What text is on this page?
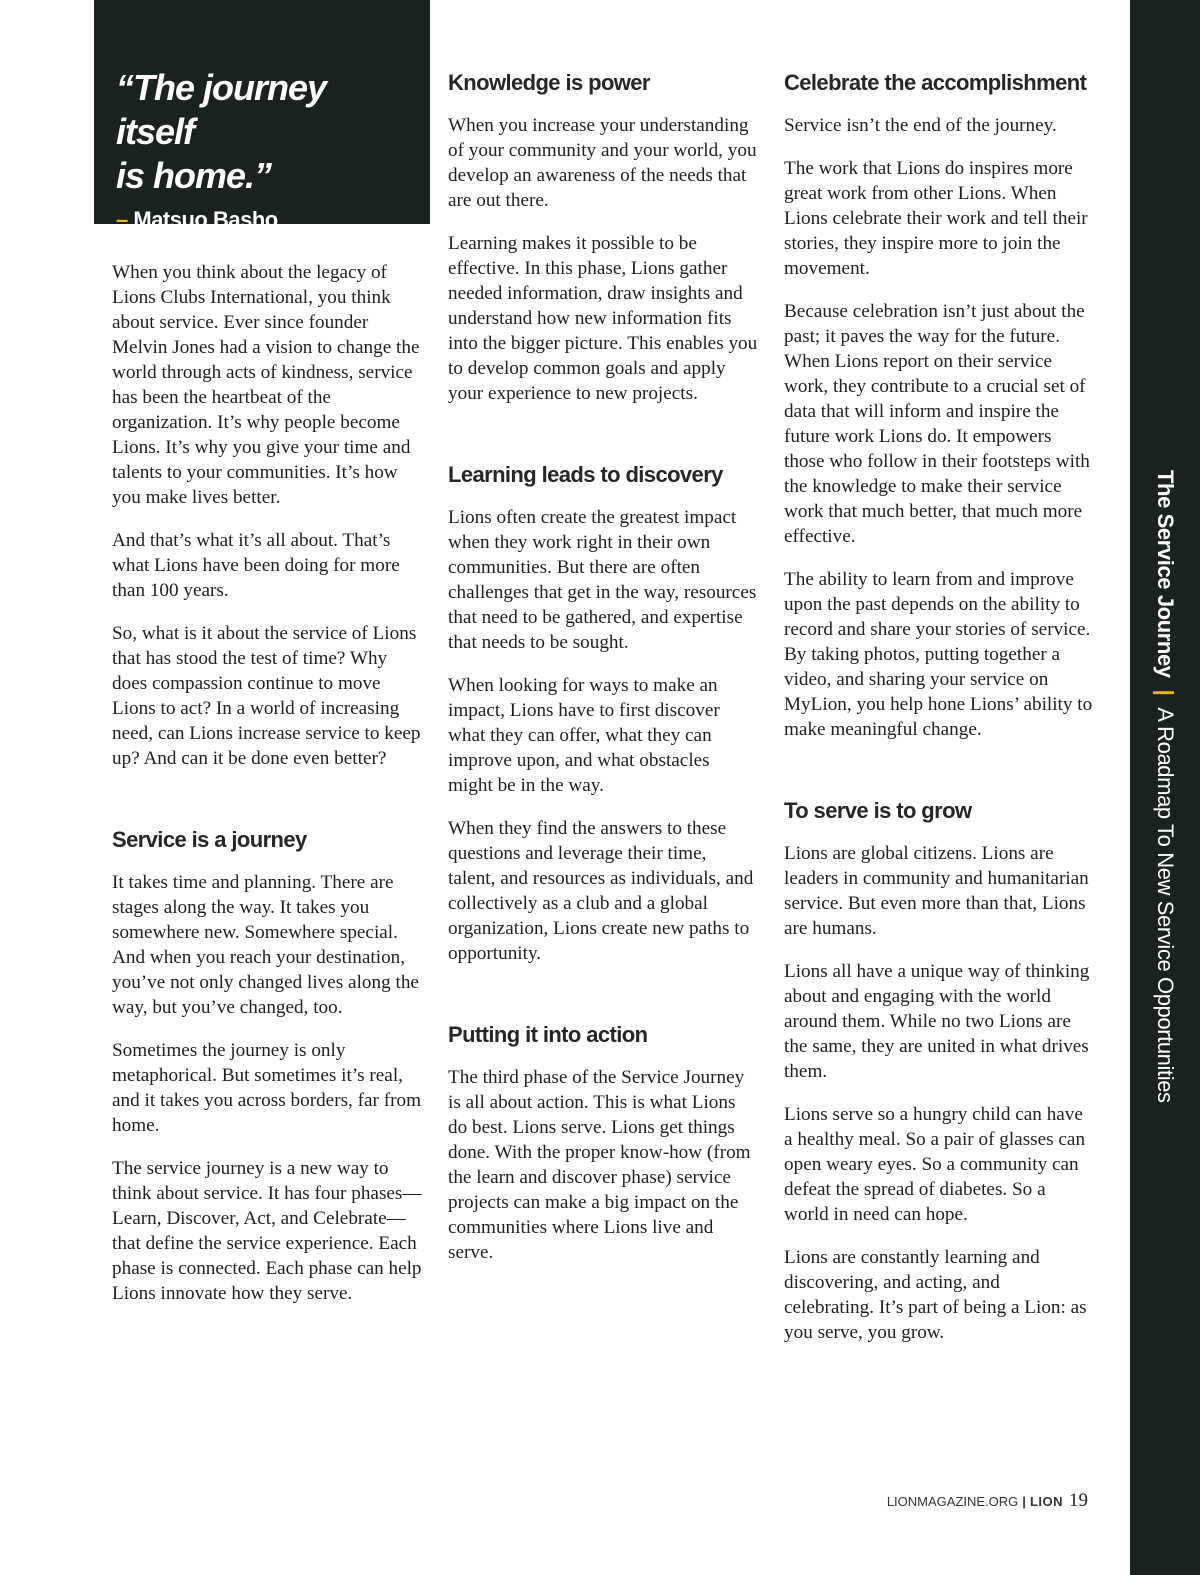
“The journey itself
is home.”

– Matsuo Basho

When you think about the legacy of Lions Clubs International, you think about service. Ever since founder Melvin Jones had a vision to change the world through acts of kindness, service has been the heartbeat of the organization. It’s why people become Lions. It’s why you give your time and talents to your communities. It’s how you make lives better.

And that’s what it’s all about. That’s what Lions have been doing for more than 100 years.

So, what is it about the service of Lions that has stood the test of time? Why does compassion continue to move Lions to act? In a world of increasing need, can Lions increase service to keep up? And can it be done even better?

Service is a journey

It takes time and planning. There are stages along the way. It takes you somewhere new. Somewhere special. And when you reach your destination, you’ve not only changed lives along the way, but you’ve changed, too.

Sometimes the journey is only metaphorical. But sometimes it’s real, and it takes you across borders, far from home.

The service journey is a new way to think about service. It has four phases—Learn, Discover, Act, and Celebrate—that define the service experience. Each phase is connected. Each phase can help Lions innovate how they serve.

Knowledge is power

When you increase your understanding of your community and your world, you develop an awareness of the needs that are out there.

Learning makes it possible to be effective. In this phase, Lions gather needed information, draw insights and understand how new information fits into the bigger picture. This enables you to develop common goals and apply your experience to new projects.

Learning leads to discovery

Lions often create the greatest impact when they work right in their own communities. But there are often challenges that get in the way, resources that need to be gathered, and expertise that needs to be sought.

When looking for ways to make an impact, Lions have to first discover what they can offer, what they can improve upon, and what obstacles might be in the way.

When they find the answers to these questions and leverage their time, talent, and resources as individuals, and collectively as a club and a global organization, Lions create new paths to opportunity.

Putting it into action

The third phase of the Service Journey is all about action. This is what Lions do best. Lions serve. Lions get things done. With the proper know-how (from the learn and discover phase) service projects can make a big impact on the communities where Lions live and serve.

Celebrate the accomplishment

Service isn’t the end of the journey.

The work that Lions do inspires more great work from other Lions. When Lions celebrate their work and tell their stories, they inspire more to join the movement.

Because celebration isn’t just about the past; it paves the way for the future. When Lions report on their service work, they contribute to a crucial set of data that will inform and inspire the future work Lions do. It empowers those who follow in their footsteps with the knowledge to make their service work that much better, that much more effective.

The ability to learn from and improve upon the past depends on the ability to record and share your stories of service. By taking photos, putting together a video, and sharing your service on MyLion, you help hone Lions’ ability to make meaningful change.

To serve is to grow

Lions are global citizens. Lions are leaders in community and humanitarian service. But even more than that, Lions are humans.

Lions all have a unique way of thinking about and engaging with the world around them. While no two Lions are the same, they are united in what drives them.

Lions serve so a hungry child can have a healthy meal. So a pair of glasses can open weary eyes. So a community can defeat the spread of diabetes. So a world in need can hope.

Lions are constantly learning and discovering, and acting, and celebrating. It’s part of being a Lion: as you serve, you grow.

The Service Journey|A Roadmap To New Service Opportunities
LIONMAGAZINE.ORG | LION 19
